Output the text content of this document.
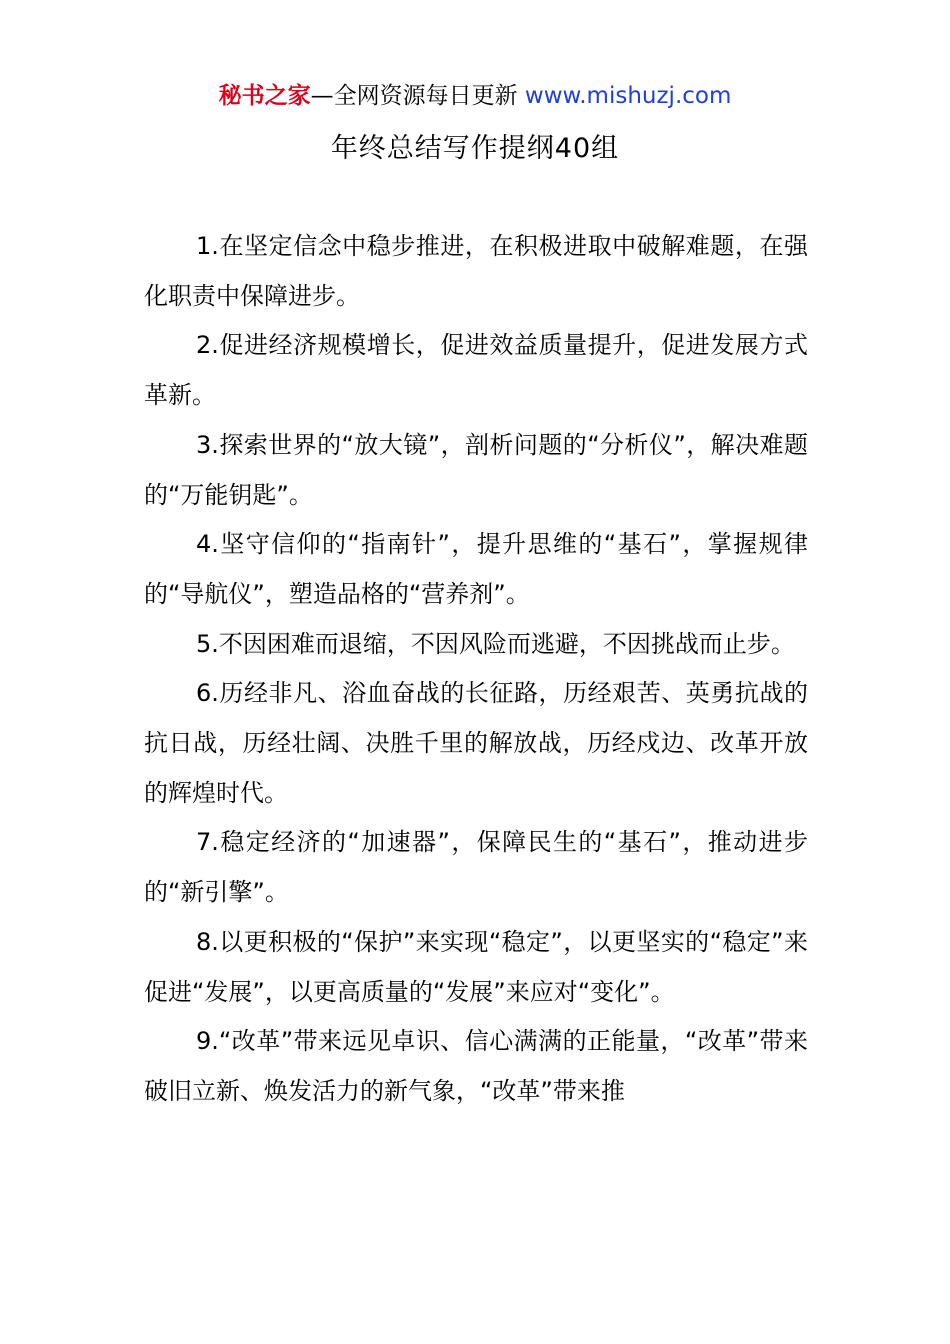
秘书之家—全网资源每日更新 www.mishuzj.com
年终总结写作提纲40组

1.在坚定信念中稳步推进，在积极进取中破解难题，在强化职责中保障进步。

2.促进经济规模增长，促进效益质量提升，促进发展方式革新。

3.探索世界的“放大镜”，剖析问题的“分析仪”，解决难题的“万能钥匙”。

4.坚守信仰的“指南针”，提升思维的“基石”，掌握规律的“导航仪”，塑造品格的“营养剂”。

5.不因困难而退缩，不因风险而逃避，不因挑战而止步。

6.历经非凡、浴血奋战的长征路，历经艰苦、英勇抗战的抗日战，历经壮阔、决胜千里的解放战，历经戍边、改革开放的辉煌时代。

7.稳定经济的“加速器”，保障民生的“基石”，推动进步的“新引擎”。

8.以更积极的“保护”来实现“稳定”，以更坚实的“稳定”来促进“发展”，以更高质量的“发展”来应对“变化”。

9.“改革”带来远见卓识、信心满满的正能量，“改革”带来破旧立新、焕发活力的新气象，“改革”带来推
